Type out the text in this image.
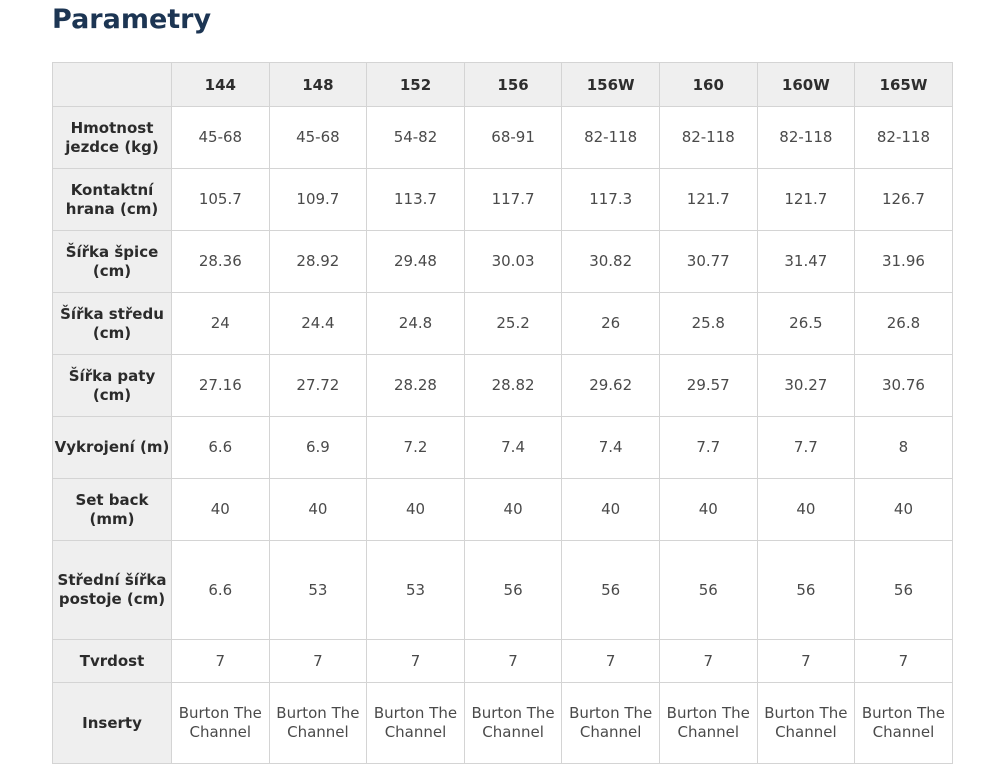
Parametry
	144	148	152	156	156W	160	160W	165W
Hmotnost jezdce (kg)	45-68	45-68	54-82	68-91	82-118	82-118	82-118	82-118
Kontaktní hrana (cm)	105.7	109.7	113.7	117.7	117.3	121.7	121.7	126.7
Šířka špice (cm)	28.36	28.92	29.48	30.03	30.82	30.77	31.47	31.96
Šířka středu (cm)	24	24.4	24.8	25.2	26	25.8	26.5	26.8
Šířka paty (cm)	27.16	27.72	28.28	28.82	29.62	29.57	30.27	30.76
Vykrojení (m)	6.6	6.9	7.2	7.4	7.4	7.7	7.7	8
Set back (mm)	40	40	40	40	40	40	40	40
Střední šířka postoje (cm)	6.6	53	53	56	56	56	56	56
Tvrdost	7	7	7	7	7	7	7	7
Inserty	Burton The Channel	Burton The Channel	Burton The Channel	Burton The Channel	Burton The Channel	Burton The Channel	Burton The Channel	Burton The Channel
